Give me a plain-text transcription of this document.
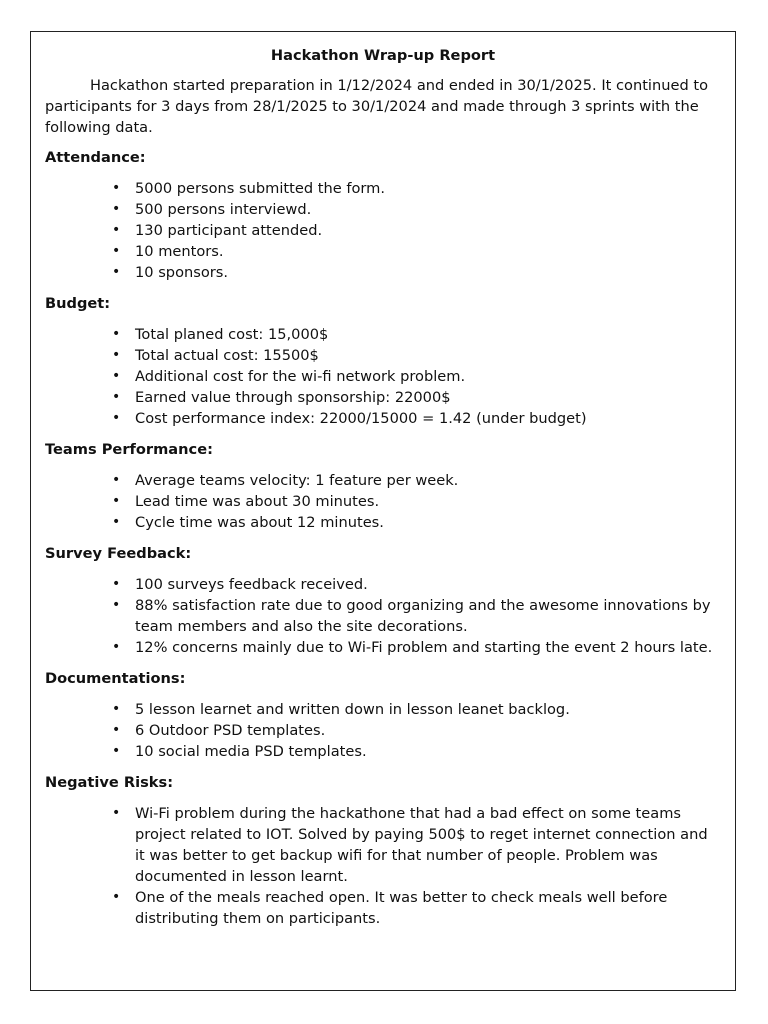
Hackathon Wrap-up Report

Hackathon started preparation in 1/12/2024 and ended in 30/1/2025. It continued to participants for 3 days from 28/1/2025 to 30/1/2024 and made through 3 sprints with the following data.

Attendance:
• 5000 persons submitted the form.
• 500 persons interviewd.
• 130 participant attended.
• 10 mentors.
• 10 sponsors.
Budget:
• Total planed cost: 15,000$
• Total actual cost: 15500$
• Additional cost for the wi-fi network problem.
• Earned value through sponsorship: 22000$
• Cost performance index: 22000/15000 = 1.42 (under budget)
Teams Performance:
• Average teams velocity: 1 feature per week.
• Lead time was about 30 minutes.
• Cycle time was about 12 minutes.
Survey Feedback:
• 100 surveys feedback received.
• 88% satisfaction rate due to good organizing and the awesome innovations by team members and also the site decorations.
• 12% concerns mainly due to Wi-Fi problem and starting the event 2 hours late.
Documentations:
• 5 lesson learnet and written down in lesson leanet backlog.
• 6 Outdoor PSD templates.
• 10 social media PSD templates.
Negative Risks:
• Wi-Fi problem during the hackathone that had a bad effect on some teams project related to IOT. Solved by paying 500$ to reget internet connection and it was better to get backup wifi for that number of people. Problem was documented in lesson learnt.
• One of the meals reached open. It was better to check meals well before distributing them on participants.
